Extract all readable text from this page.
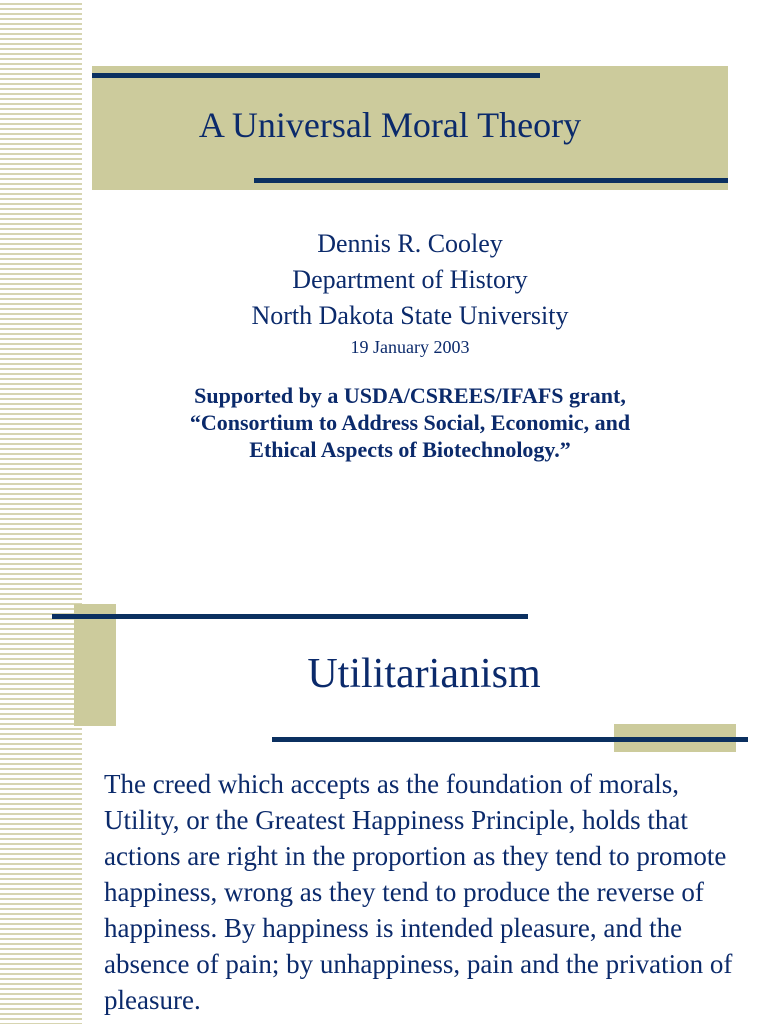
A Universal Moral Theory
Dennis R. Cooley
Department of History
North Dakota State University
19 January 2003
Supported by a USDA/CSREES/IFAFS grant,
“Consortium to Address Social, Economic, and
Ethical Aspects of Biotechnology.”
Utilitarianism
The creed which accepts as the foundation of morals, Utility, or the Greatest Happiness Principle, holds that actions are right in the proportion as they tend to promote happiness, wrong as they tend to produce the reverse of happiness. By happiness is intended pleasure, and the absence of pain; by unhappiness, pain and the privation of pleasure.
